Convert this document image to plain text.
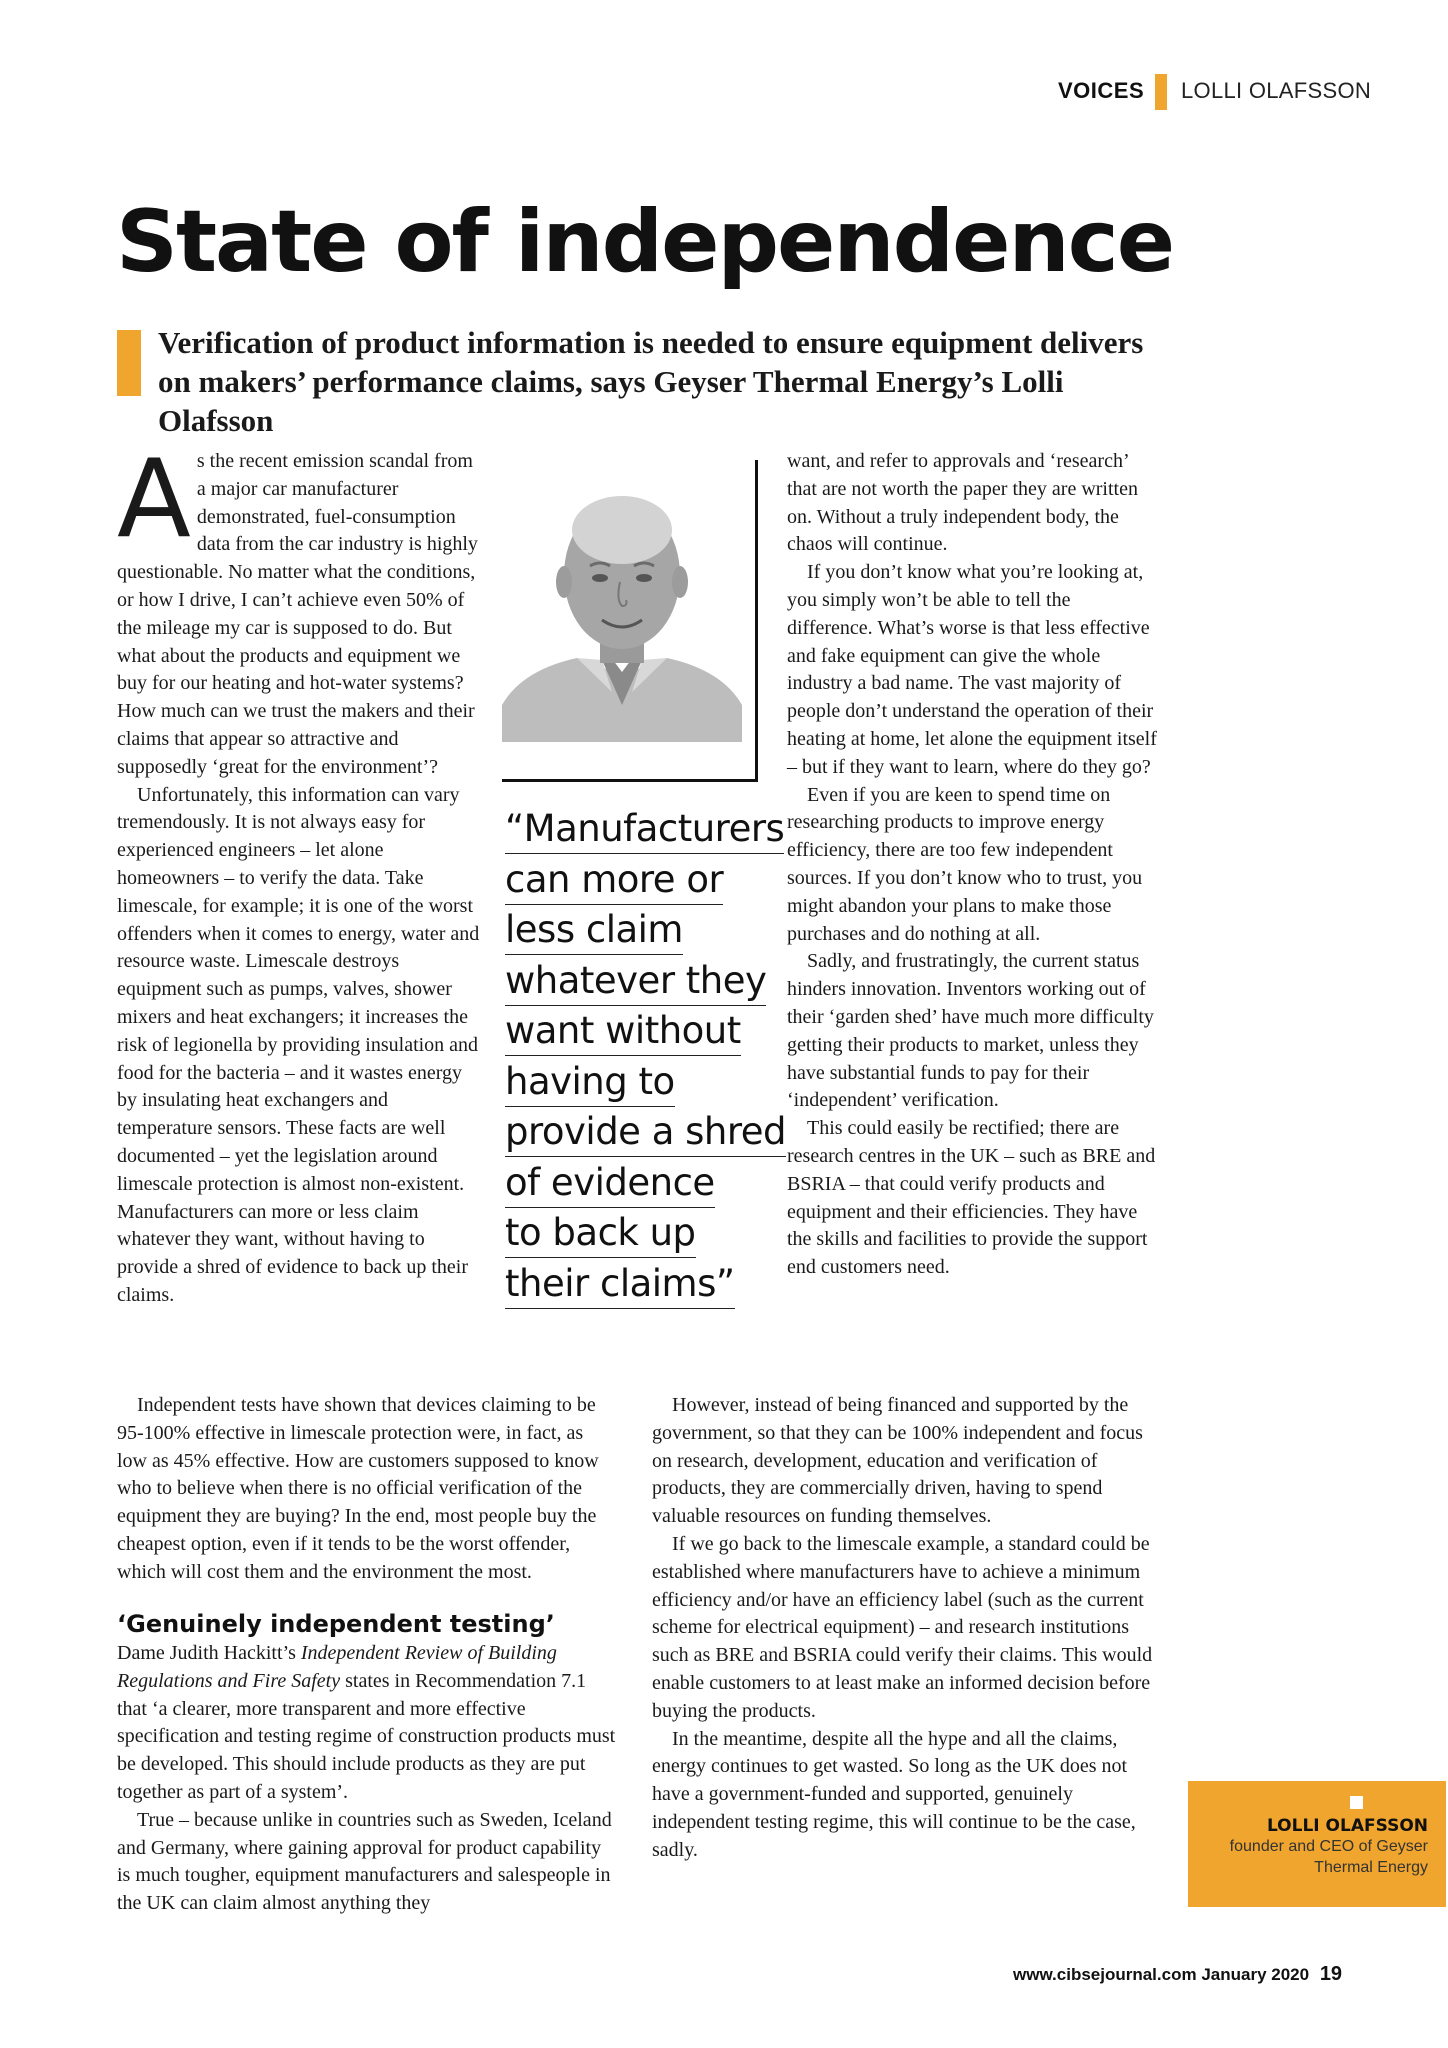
VOICES LOLLI OLAFSSON
State of independence

Verification of product information is needed to ensure equipment delivers on makers’ performance claims, says Geyser Thermal Energy’s Lolli Olafsson

As the recent emission scandal from a major car manufacturer demonstrated, fuel-consumption data from the car industry is highly questionable. No matter what the conditions, or how I drive, I can’t achieve even 50% of the mileage my car is supposed to do. But what about the products and equipment we buy for our heating and hot-water systems? How much can we trust the makers and their claims that appear so attractive and supposedly ‘great for the environment’?

Unfortunately, this information can vary tremendously. It is not always easy for experienced engineers – let alone homeowners – to verify the data. Take limescale, for example; it is one of the worst offenders when it comes to energy, water and resource waste. Limescale destroys equipment such as pumps, valves, shower mixers and heat exchangers; it increases the risk of legionella by providing insulation and food for the bacteria – and it wastes energy by insulating heat exchangers and temperature sensors. These facts are well documented – yet the legislation around limescale protection is almost non-existent. Manufacturers can more or less claim whatever they want, without having to provide a shred of evidence to back up their claims.

“Manufacturers
can more or
less claim
whatever they
want without
having to
provide a shred
of evidence
to back up
their claims”

Independent tests have shown that devices claiming to be 95-100% effective in limescale protection were, in fact, as low as 45% effective. How are customers supposed to know who to believe when there is no official verification of the equipment they are buying? In the end, most people buy the cheapest option, even if it tends to be the worst offender, which will cost them and the environment the most.

‘Genuinely independent testing’

Dame Judith Hackitt’s Independent Review of Building Regulations and Fire Safety states in Recommendation 7.1 that ‘a clearer, more transparent and more effective specification and testing regime of construction products must be developed. This should include products as they are put together as part of a system’.

True – because unlike in countries such as Sweden, Iceland and Germany, where gaining approval for product capability is much tougher, equipment manufacturers and salespeople in the UK can claim almost anything they

want, and refer to approvals and ‘research’ that are not worth the paper they are written on. Without a truly independent body, the chaos will continue.

If you don’t know what you’re looking at, you simply won’t be able to tell the difference. What’s worse is that less effective and fake equipment can give the whole industry a bad name. The vast majority of people don’t understand the operation of their heating at home, let alone the equipment itself – but if they want to learn, where do they go?

Even if you are keen to spend time on researching products to improve energy efficiency, there are too few independent sources. If you don’t know who to trust, you might abandon your plans to make those purchases and do nothing at all.

Sadly, and frustratingly, the current status hinders innovation. Inventors working out of their ‘garden shed’ have much more difficulty getting their products to market, unless they have substantial funds to pay for their ‘independent’ verification.

This could easily be rectified; there are research centres in the UK – such as BRE and BSRIA – that could verify products and equipment and their efficiencies. They have the skills and facilities to provide the support end customers need.

However, instead of being financed and supported by the government, so that they can be 100% independent and focus on research, development, education and verification of products, they are commercially driven, having to spend valuable resources on funding themselves.

If we go back to the limescale example, a standard could be established where manufacturers have to achieve a minimum efficiency and/or have an efficiency label (such as the current scheme for electrical equipment) – and research institutions such as BRE and BSRIA could verify their claims. This would enable customers to at least make an informed decision before buying the products.

In the meantime, despite all the hype and all the claims, energy continues to get wasted. So long as the UK does not have a government-funded and supported, genuinely independent testing regime, this will continue to be the case, sadly.

LOLLI OLAFSSON
founder and CEO of Geyser Thermal Energy
www.cibsejournal.com January 2020 19
